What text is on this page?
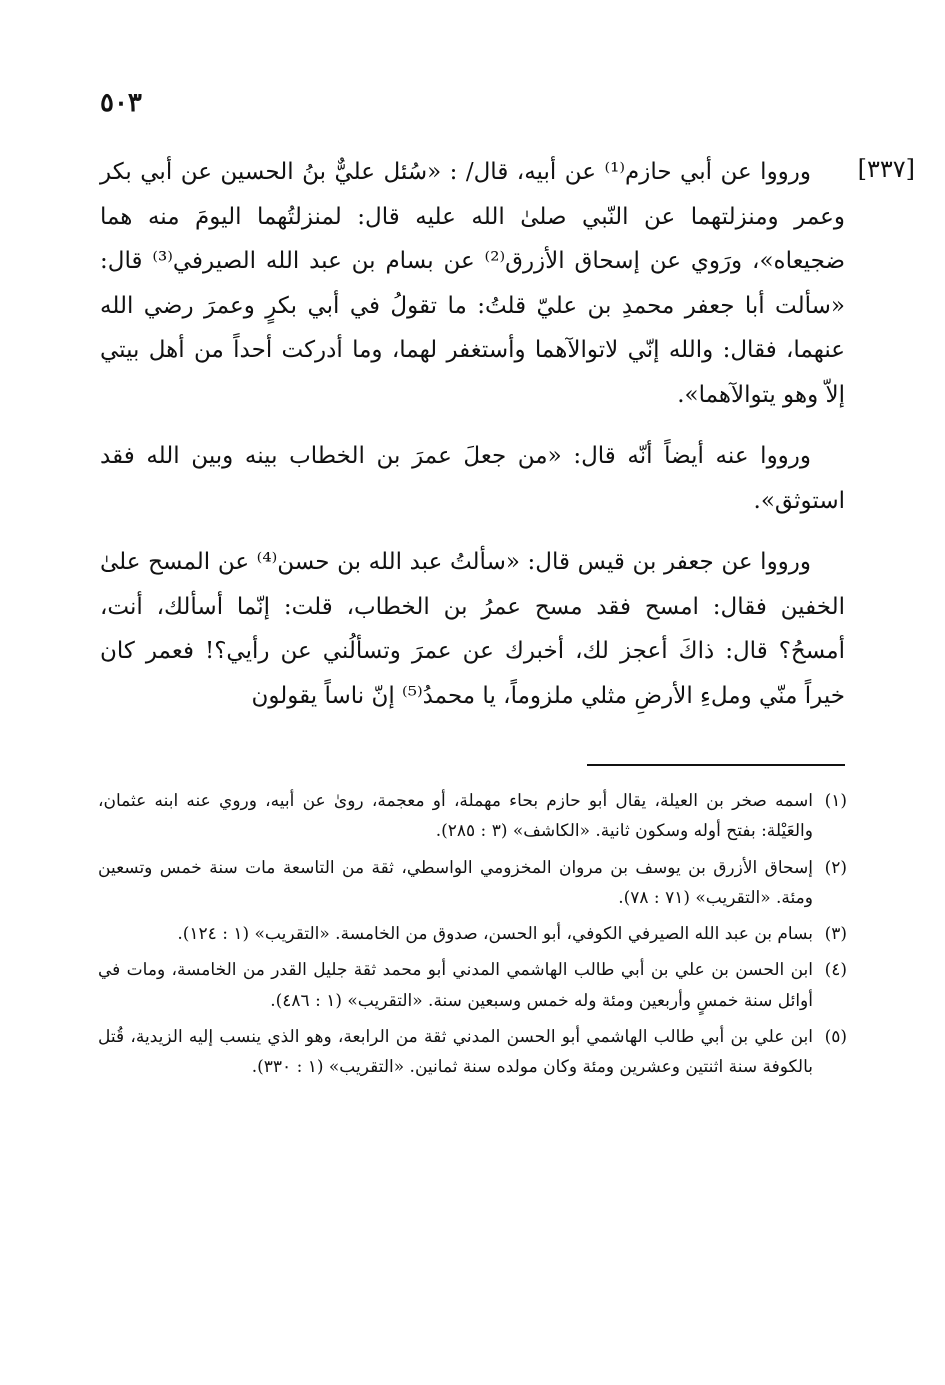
٥٠٣
[٣٣٧]

ورووا عن أبي حازم⁽¹⁾ عن أبيه، قال/ : «سُئل عليٌّ بنُ الحسين عن أبي بكر وعمر ومنزلتهما عن النّبي صلىٰ الله عليه قال: لمنزلتُهما اليومَ منه هما ضجيعاه»، ورَوي عن إسحاق الأزرق⁽²⁾ عن بسام بن عبد الله الصيرفي⁽³⁾ قال: «سألت أبا جعفر محمدِ بن عليّ قلتُ: ما تقولُ في أبي بكرٍ وعمرَ رضي الله عنهما، فقال: والله إنّي لاتوالآهما وأستغفر لهما، وما أدركت أحداً من أهل بيتي إلاّ وهو يتوالآهما».

ورووا عنه أيضاً أنّه قال: «من جعلَ عمرَ بن الخطاب بينه وبين الله فقد استوثق».

ورووا عن جعفر بن قيس قال: «سألتُ عبد الله بن حسن⁽⁴⁾ عن المسح علىٰ الخفين فقال: امسح فقد مسح عمرُ بن الخطاب، قلت: إنّما أسألك، أنت، أمسحُ؟ قال: ذاكَ أعجز لك، أخبرك عن عمرَ وتسألُني عن رأيي؟! فعمر كان خيراً منّي وملءِ الأرضِ مثلي ملزوماً، يا محمدُ⁽⁵⁾ إنّ ناساً يقولون

(١)
اسمه صخر بن العيلة، يقال أبو حازم بحاء مهملة، أو معجمة، روىٰ عن أبيه، وروي عنه ابنه عثمان، والعَيْلة: بفتح أوله وسكون ثانية. «الكاشف» (٣ : ٢٨٥).
(٢)
إسحاق الأزرق بن يوسف بن مروان المخزومي الواسطي، ثقة من التاسعة مات سنة خمس وتسعين ومئة. «التقريب» (٧١ : ٧٨).
(٣)
بسام بن عبد الله الصيرفي الكوفي، أبو الحسن، صدوق من الخامسة. «التقريب» (١ : ١٢٤).
(٤)
ابن الحسن بن علي بن أبي طالب الهاشمي المدني أبو محمد ثقة جليل القدر من الخامسة، ومات في أوائل سنة خمسٍ وأربعين ومئة وله خمس وسبعين سنة. «التقريب» (١ : ٤٨٦).
(٥)
ابن علي بن أبي طالب الهاشمي أبو الحسن المدني ثقة من الرابعة، وهو الذي ينسب إليه الزيدية، قُتل بالكوفة سنة اثنتين وعشرين ومئة وكان مولده سنة ثمانين. «التقريب» (١ : ٣٣٠).
